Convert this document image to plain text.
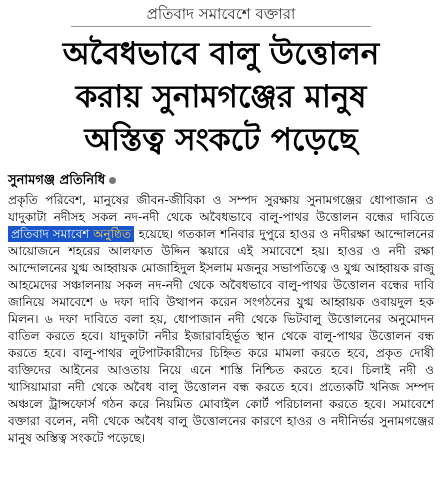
প্রতিবাদ সমাবেশে বক্তারা
অবৈধভাবে বালু উত্তোলন
করায় সুনামগঞ্জের মানুষ
অস্তিত্ব সংকটে পড়েছে
সুনামগঞ্জ প্রতিনিধি

প্রকৃতি পরিবেশ, মানুষের জীবন-জীবিকা ও সম্পদ সুরক্ষায় সুনামগঞ্জের ধোপাজান ও যাদুকাটা নদীসহ সকল নদ-নদী থেকে অবৈধভাবে বালু-পাথর উত্তোলন বন্ধের দাবিতে প্রতিবাদ সমাবেশ অনুষ্ঠিত হয়েছে। গতকাল শনিবার দুপুরে হাওর ও নদীরক্ষা আন্দোলনের আয়োজনে শহরের আলফাত উদ্দিন স্কয়ারে এই সমাবেশে হয়। হাওর ও নদী রক্ষা আন্দোলনের যুগ্ম আহ্বায়ক মোজাহিদুল ইসলাম মজনুর সভাপতিত্বে ও যুগ্ম আহ্বায়ক রাজু আহমেদের সঞ্চালনায় সকল নদ-নদী থেকে অবৈধভাবে বালু-পাথর উত্তোলন বন্ধের দাবি জানিয়ে সমাবেশে ৬ দফা দাবি উত্থাপন করেন সংগঠনের যুগ্ম আহ্বায়ক ওবায়দুল হক মিলন। ৬ দফা দাবিতে বলা হয়, ধোপাজান নদী থেকে ভিটবালু উত্তোলনের অনুমোদন বাতিল করতে হবে। যাদুকাটা নদীর ইজারাবহির্ভূত স্থান থেকে বালু-পাথর উত্তোলন বন্ধ করতে হবে। বালু-পাথর লুটপাটকারীদের চিহ্নিত করে মামলা করতে হবে, প্রকৃত দোষী ব্যক্তিদের আইনের আওতায় নিয়ে এনে শাস্তি নিশ্চিত করতে হবে। চিলাই নদী ও খাসিয়ামারা নদী থেকে অবৈধ বালু উত্তোলন বন্ধ করতে হবে। প্রত্যেকটি খনিজ সম্পদ অঞ্চলে ট্রান্সফোর্স গঠন করে নিয়মিত মোবাইল কোর্ট পরিচালনা করতে হবে। সমাবেশে বক্তারা বলেন, নদী থেকে অবৈধ বালু উত্তোলনের কারণে হাওর ও নদীনির্ভর সুনামগঞ্জের মানুষ অস্তিত্ব সংকটে পড়েছে।
